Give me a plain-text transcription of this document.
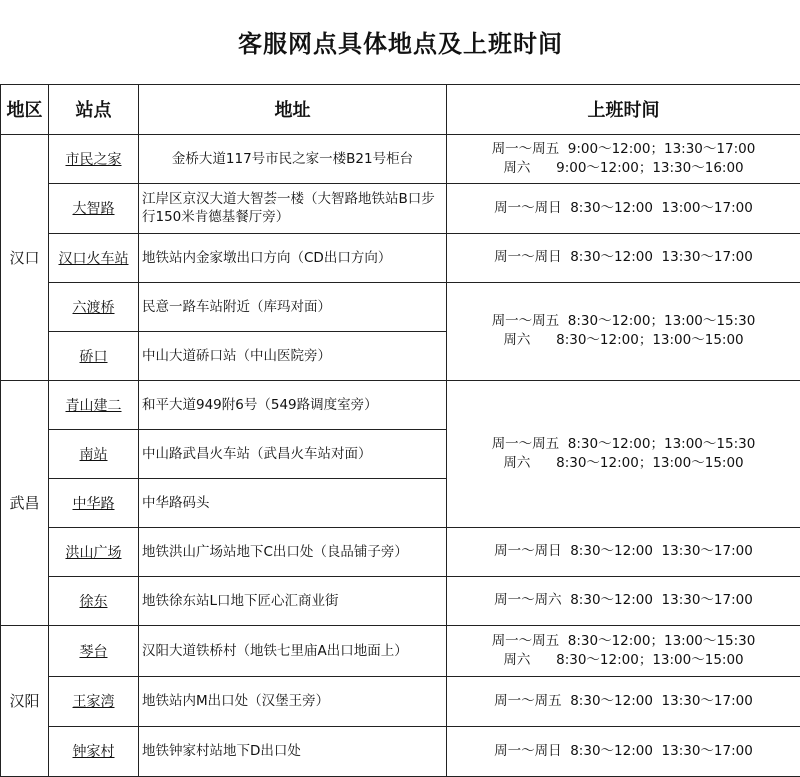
客服网点具体地点及上班时间			
地区	站点	地址	上班时间
汉口	市民之家	金桥大道117号市民之家一楼B21号柜台	周一～周五  9:00～12:00；13:30～17:00
周六      9:00～12:00；13:30～16:00

	大智路	江岸区京汉大道大智荟一楼（大智路地铁站B口步行150米肯德基餐厅旁）	周一～周日  8:30～12:00  13:00～17:00

	汉口火车站	地铁站内金家墩出口方向（CD出口方向）	周一～周日  8:30～12:00  13:30～17:00

	六渡桥	民意一路车站附近（库玛对面）	周一～周五  8:30～12:00；13:00～15:30
周六      8:30～12:00；13:00～15:00

	硚口	中山大道硚口站（中山医院旁）	
武昌	青山建二	和平大道949附6号（549路调度室旁）	周一～周五  8:30～12:00；13:00～15:30
周六      8:30～12:00；13:00～15:00

	南站	中山路武昌火车站（武昌火车站对面）	
	中华路	中华路码头	
	洪山广场	地铁洪山广场站地下C出口处（良品铺子旁）	周一～周日  8:30～12:00  13:30～17:00

	徐东	地铁徐东站L口地下匠心汇商业街	周一～周六  8:30～12:00  13:30～17:00

汉阳	琴台	汉阳大道铁桥村（地铁七里庙A出口地面上）	周一～周五  8:30～12:00；13:00～15:30
周六      8:30～12:00；13:00～15:00

	王家湾	地铁站内M出口处（汉堡王旁）	周一～周五  8:30～12:00  13:30～17:00

	钟家村	地铁钟家村站地下D出口处	周一～周日  8:30～12:00  13:30～17:00
